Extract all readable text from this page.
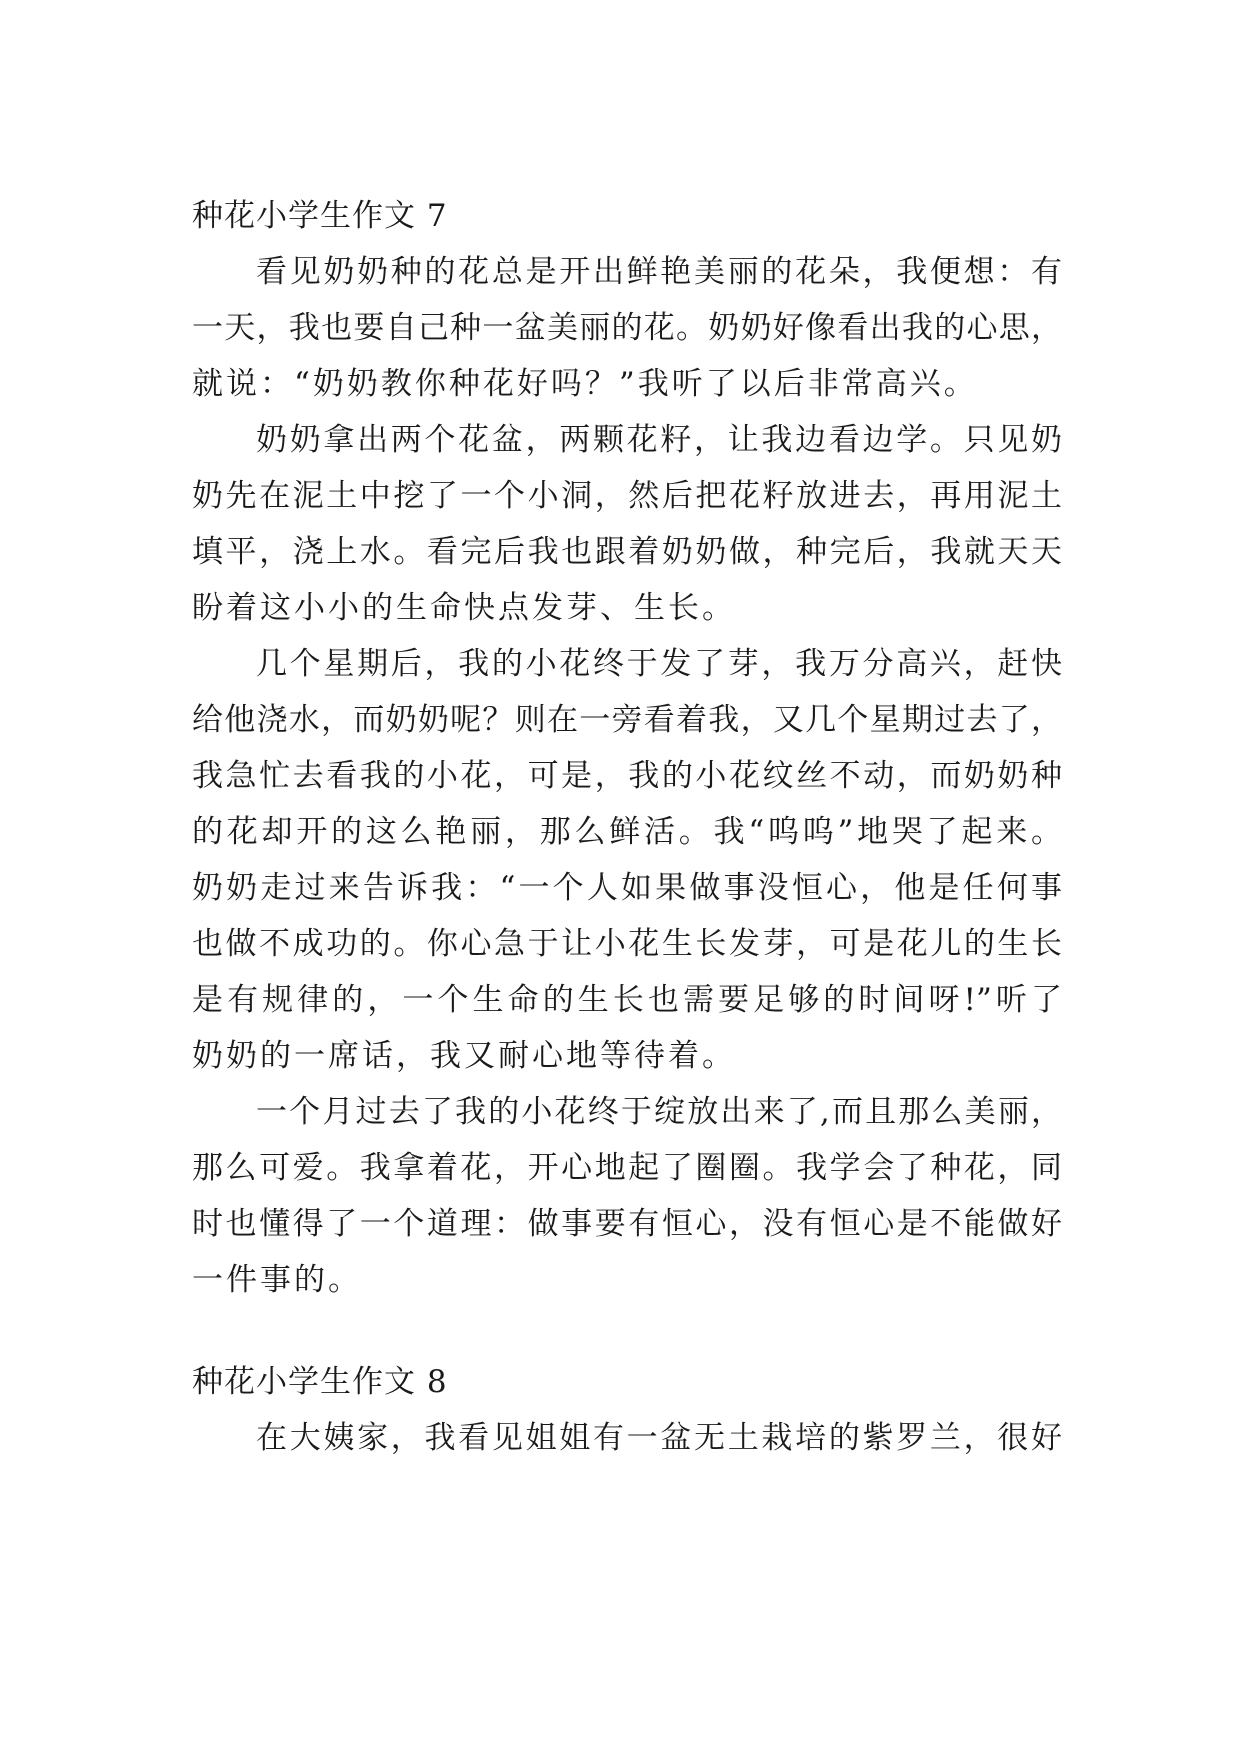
种花小学生作文 7
看见奶奶种的花总是开出鲜艳美丽的花朵，我便想：有
一天，我也要自己种一盆美丽的花。奶奶好像看出我的心思，
就说：“奶奶教你种花好吗？”我听了以后非常高兴。
奶奶拿出两个花盆，两颗花籽，让我边看边学。只见奶
奶先在泥土中挖了一个小洞，然后把花籽放进去，再用泥土
填平，浇上水。看完后我也跟着奶奶做，种完后，我就天天
盼着这小小的生命快点发芽、生长。
几个星期后，我的小花终于发了芽，我万分高兴，赶快
给他浇水，而奶奶呢？则在一旁看着我，又几个星期过去了，
我急忙去看我的小花，可是，我的小花纹丝不动，而奶奶种
的花却开的这么艳丽，那么鲜活。我“呜呜”地哭了起来。
奶奶走过来告诉我：“一个人如果做事没恒心，他是任何事
也做不成功的。你心急于让小花生长发芽，可是花儿的生长
是有规律的，一个生命的生长也需要足够的时间呀!”听了
奶奶的一席话，我又耐心地等待着。
一个月过去了我的小花终于绽放出来了,而且那么美丽，
那么可爱。我拿着花，开心地起了圈圈。我学会了种花，同
时也懂得了一个道理：做事要有恒心，没有恒心是不能做好
一件事的。
种花小学生作文 8
在大姨家，我看见姐姐有一盆无土栽培的紫罗兰，很好
